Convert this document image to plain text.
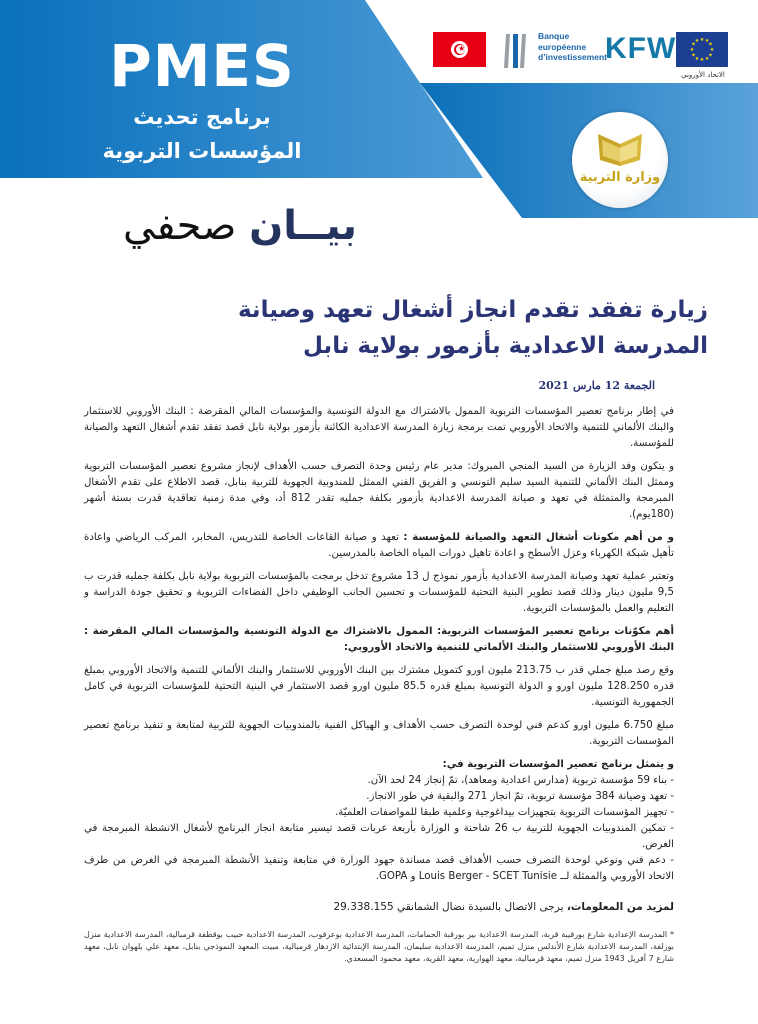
PMES
برنامج تحديث
المؤسسات التربوية
★
Banque
européenne
d’investissement
KFW	★ ★
★
★
★
★
★
★
★
★
★
★
الاتحاد الأوروبي
وزارة التربية
بيــان صحفي
زيارة تفقد تقدم انجاز أشغال تعهد وصيانة
المدرسة الاعدادية بأزمور بولاية نابل
الجمعة 12 مارس 2021

في إطار برنامج تعصير المؤسسات التربوية الممول بالاشتراك مع الدولة التونسية والمؤسسات المالي المقرضة : البنك الأوروبي للاستثمار والبنك الألماني للتنمية والاتحاد الأوروبي تمت برمجة زيارة المدرسة الاعدادية الكائنة بأزمور بولاية نابل قصد تفقد تقدم أشغال التعهد والصيانة للمؤسسة.

و يتكون وفد الزيارة من السيد المنجي المبروك: مدير عام رئيس وحدة التصرف حسب الأهداف لإنجاز مشروع تعصير المؤسسات التربوية وممثل البنك الألماني للتنمية السيد سليم التونسي و الفريق الفني الممثل للمندوبية الجهوية للتربية بنابل، قصد الاطلاع على تقدم الأشغال المبرمجة والمتمثلة في تعهد و صيانة المدرسة الاعدادية بأزمور بكلفة جمليه تقدر 812 أد، وفي مدة زمنية تعاقدية قدرت بستة أشهر (180يوم).

و من أهم مكونات أشغال التعهد والصيانة للمؤسسة : تعهد و صيانة القاعات الخاصة للتدريس، المخابر، المركب الرياضي واعادة تأهيل شبكة الكهرباء وعزل الأسطح و اعادة تاهيل دورات المياه الخاصة بالمدرسين.

وتعتبر عملية تعهد وصيانة المدرسة الاعدادية بأزمور نموذج ل 13 مشروع تدخل برمجت بالمؤسسات التربوية بولاية نابل بكلفة جمليه قدرت ب 9,5 مليون دينار وذلك قصد تطوير البنية التحتية للمؤسسات و تحسين الجانب الوظيفي داخل الفضاءات التربوية و تحقيق جودة الدراسة و التعليم والعمل بالمؤسسات التربوية.

أهم مكوّنات برنامج تعصير المؤسسات التربوية: الممول بالاشتراك مع الدولة التونسية والمؤسسات المالي المقرضة : البنك الأوروبي للاستثمار والبنك الألماني للتنمية والاتحاد الأوروبي:

وقع رصد مبلغ جملي قدر ب 213.75 مليون اورو كتمويل مشترك بين البنك الأوروبي للاستثمار والبنك الألماني للتنمية والاتحاد الأوروبي بمبلغ قدره 128.250 مليون اورو و الدولة التونسية بمبلغ قدره 85.5 مليون اورو قصد الاستثمار في البنية التحتية للمؤسسات التربوية في كامل الجمهورية التونسية.

مبلغ 6.750 مليون اورو كدعم فني لوحدة التصرف حسب الأهداف و الهياكل الفنية بالمندوبيات الجهوية للتربية لمتابعة و تنفيذ برنامج تعصير المؤسسات التربوية.

و يتمثل برنامج تعصير المؤسسات التربوية في:
- بناء 59 مؤسسة تربوية (مدارس اعدادية ومعاهد)، تمّ إنجاز 24 لحد الآن.
- تعهد وصيانة 384 مؤسسة تربوية، تمّ انجاز 271 والبقية في طور الانجاز.
- تجهيز المؤسسات التربوية بتجهيزات بيداغوجية وعلمية طبقا للمواصفات العلميّة.
- تمكين المندوبيات الجهوية للتربية ب 26 شاحنة و الوزارة بأربعة عربات قصد تيسير متابعة انجاز البرنامج لأشغال الانشطة المبرمجة في الغرض.
- دعم فني ونوعي لوحدة التصرف حسب الأهداف قصد مساندة جهود الوزارة في متابعة وتنفيذ الأنشطة المبرمجة في الغرض من طرف الاتحاد الأوروبي والممثلة لــ Louis Berger - SCET Tunisie و GOPA.
لمزيد من المعلومات، يرجى الاتصال بالسيدة نضال الشمانقي 29.338.155
* المدرسة الإعدادية شارع بورقيبة قربة، المدرسة الاعدادية بير بورقبة الحمامات، المدرسة الاعدادية بوعرقوب، المدرسة الاعدادية حبيب بوقطفة قرمبالية، المدرسة الاعدادية منزل بوزلفة، المدرسة الاعدادية شارع الأندلس منزل تميم، المدرسة الاعدادية سليمان، المدرسة الإبتدائية الازدهار قرمبالية، مبيت المعهد النموذجي بنابل، معهد علي بلهوان نابل، معهد شارع 7 أفريل 1943 منزل تميم، معهد قرمبالية، معهد الهوارية، معهد القرية، معهد محمود المسعدي.
